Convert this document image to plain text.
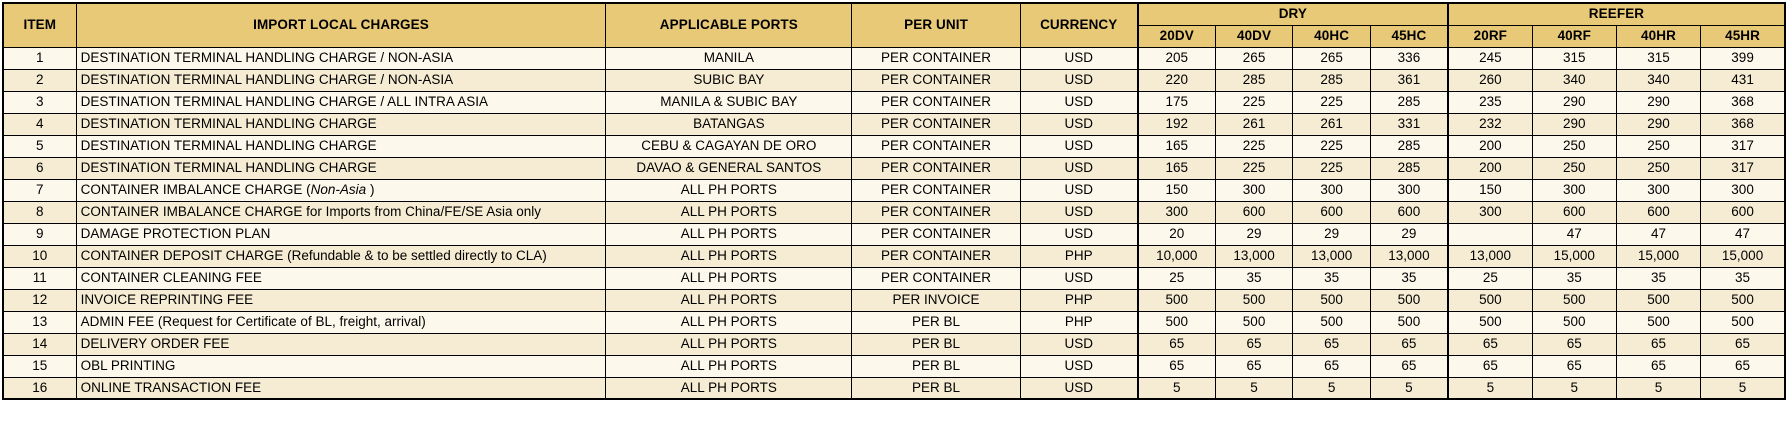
ITEM	IMPORT LOCAL CHARGES	APPLICABLE PORTS	PER UNIT	CURRENCY	DRY				REEFER			
					20DV	40DV	40HC	45HC	20RF	40RF	40HR	45HR
1	DESTINATION TERMINAL HANDLING CHARGE / NON-ASIA	MANILA	PER CONTAINER	USD	205	265	265	336	245	315	315	399
2	DESTINATION TERMINAL HANDLING CHARGE / NON-ASIA	SUBIC BAY	PER CONTAINER	USD	220	285	285	361	260	340	340	431
3	DESTINATION TERMINAL HANDLING CHARGE / ALL INTRA ASIA	MANILA & SUBIC BAY	PER CONTAINER	USD	175	225	225	285	235	290	290	368
4	DESTINATION TERMINAL HANDLING CHARGE	BATANGAS	PER CONTAINER	USD	192	261	261	331	232	290	290	368
5	DESTINATION TERMINAL HANDLING CHARGE	CEBU & CAGAYAN DE ORO	PER CONTAINER	USD	165	225	225	285	200	250	250	317
6	DESTINATION TERMINAL HANDLING CHARGE	DAVAO & GENERAL SANTOS	PER CONTAINER	USD	165	225	225	285	200	250	250	317
7	CONTAINER IMBALANCE CHARGE (Non-Asia )	ALL PH PORTS	PER CONTAINER	USD	150	300	300	300	150	300	300	300
8	CONTAINER IMBALANCE CHARGE for Imports from China/FE/SE Asia only	ALL PH PORTS	PER CONTAINER	USD	300	600	600	600	300	600	600	600
9	DAMAGE PROTECTION PLAN	ALL PH PORTS	PER CONTAINER	USD	20	29	29	29		47	47	47
10	CONTAINER DEPOSIT CHARGE (Refundable & to be settled directly to CLA)	ALL PH PORTS	PER CONTAINER	PHP	10,000	13,000	13,000	13,000	13,000	15,000	15,000	15,000
11	CONTAINER CLEANING FEE	ALL PH PORTS	PER CONTAINER	USD	25	35	35	35	25	35	35	35
12	INVOICE REPRINTING FEE	ALL PH PORTS	PER INVOICE	PHP	500	500	500	500	500	500	500	500
13	ADMIN FEE (Request for Certificate of BL, freight, arrival)	ALL PH PORTS	PER BL	PHP	500	500	500	500	500	500	500	500
14	DELIVERY ORDER FEE	ALL PH PORTS	PER BL	USD	65	65	65	65	65	65	65	65
15	OBL PRINTING	ALL PH PORTS	PER BL	USD	65	65	65	65	65	65	65	65
16	ONLINE TRANSACTION FEE	ALL PH PORTS	PER BL	USD	5	5	5	5	5	5	5	5
